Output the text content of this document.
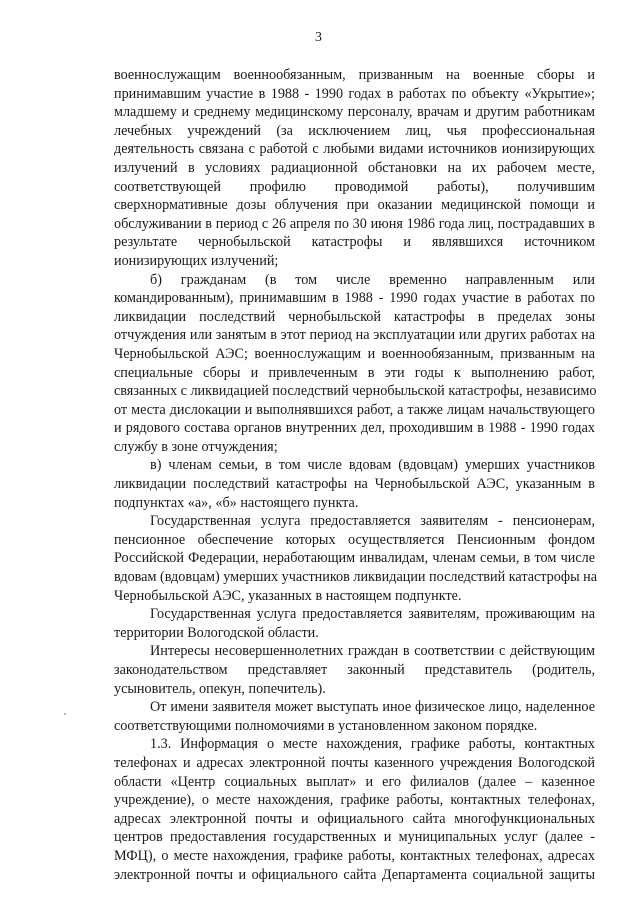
3
военнослужащим военнообязанным, призванным на военные сборы и
принимавшим участие в 1988 - 1990 годах в работах по объекту «Укрытие»;
младшему и среднему медицинскому персоналу, врачам и другим работникам
лечебных учреждений (за исключением лиц, чья профессиональная
деятельность связана с работой с любыми видами источников ионизирующих
излучений в условиях радиационной обстановки на их рабочем месте,
соответствующей профилю проводимой работы), получившим
сверхнормативные дозы облучения при оказании медицинской помощи и
обслуживании в период с 26 апреля по 30 июня 1986 года лиц, пострадавших в
результате чернобыльской катастрофы и являвшихся источником
ионизирующих излучений;
б) гражданам (в том числе временно направленным или
командированным), принимавшим в 1988 - 1990 годах участие в работах по
ликвидации последствий чернобыльской катастрофы в пределах зоны
отчуждения или занятым в этот период на эксплуатации или других работах на
Чернобыльской АЭС; военнослужащим и военнообязанным, призванным на
специальные сборы и привлеченным в эти годы к выполнению работ,
связанных с ликвидацией последствий чернобыльской катастрофы, независимо
от места дислокации и выполнявшихся работ, а также лицам начальствующего
и рядового состава органов внутренних дел, проходившим в 1988 - 1990 годах
службу в зоне отчуждения;
в) членам семьи, в том числе вдовам (вдовцам) умерших участников
ликвидации последствий катастрофы на Чернобыльской АЭС, указанным в
подпунктах «а», «б» настоящего пункта.
Государственная услуга предоставляется заявителям - пенсионерам,
пенсионное обеспечение которых осуществляется Пенсионным фондом
Российской Федерации, неработающим инвалидам, членам семьи, в том числе
вдовам (вдовцам) умерших участников ликвидации последствий катастрофы на
Чернобыльской АЭС, указанных в настоящем подпункте.
Государственная услуга предоставляется заявителям, проживающим на
территории Вологодской области.
Интересы несовершеннолетних граждан в соответствии с действующим
законодательством представляет законный представитель (родитель,
усыновитель, опекун, попечитель).
От имени заявителя может выступать иное физическое лицо, наделенное
соответствующими полномочиями в установленном законом порядке.
1.3. Информация о месте нахождения, графике работы, контактных
телефонах и адресах электронной почты казенного учреждения Вологодской
области «Центр социальных выплат» и его филиалов (далее – казенное
учреждение), о месте нахождения, графике работы, контактных телефонах,
адресах электронной почты и официального сайта многофункциональных
центров предоставления государственных и муниципальных услуг (далее -
МФЦ), о месте нахождения, графике работы, контактных телефонах, адресах
электронной почты и официального сайта Департамента социальной защиты
